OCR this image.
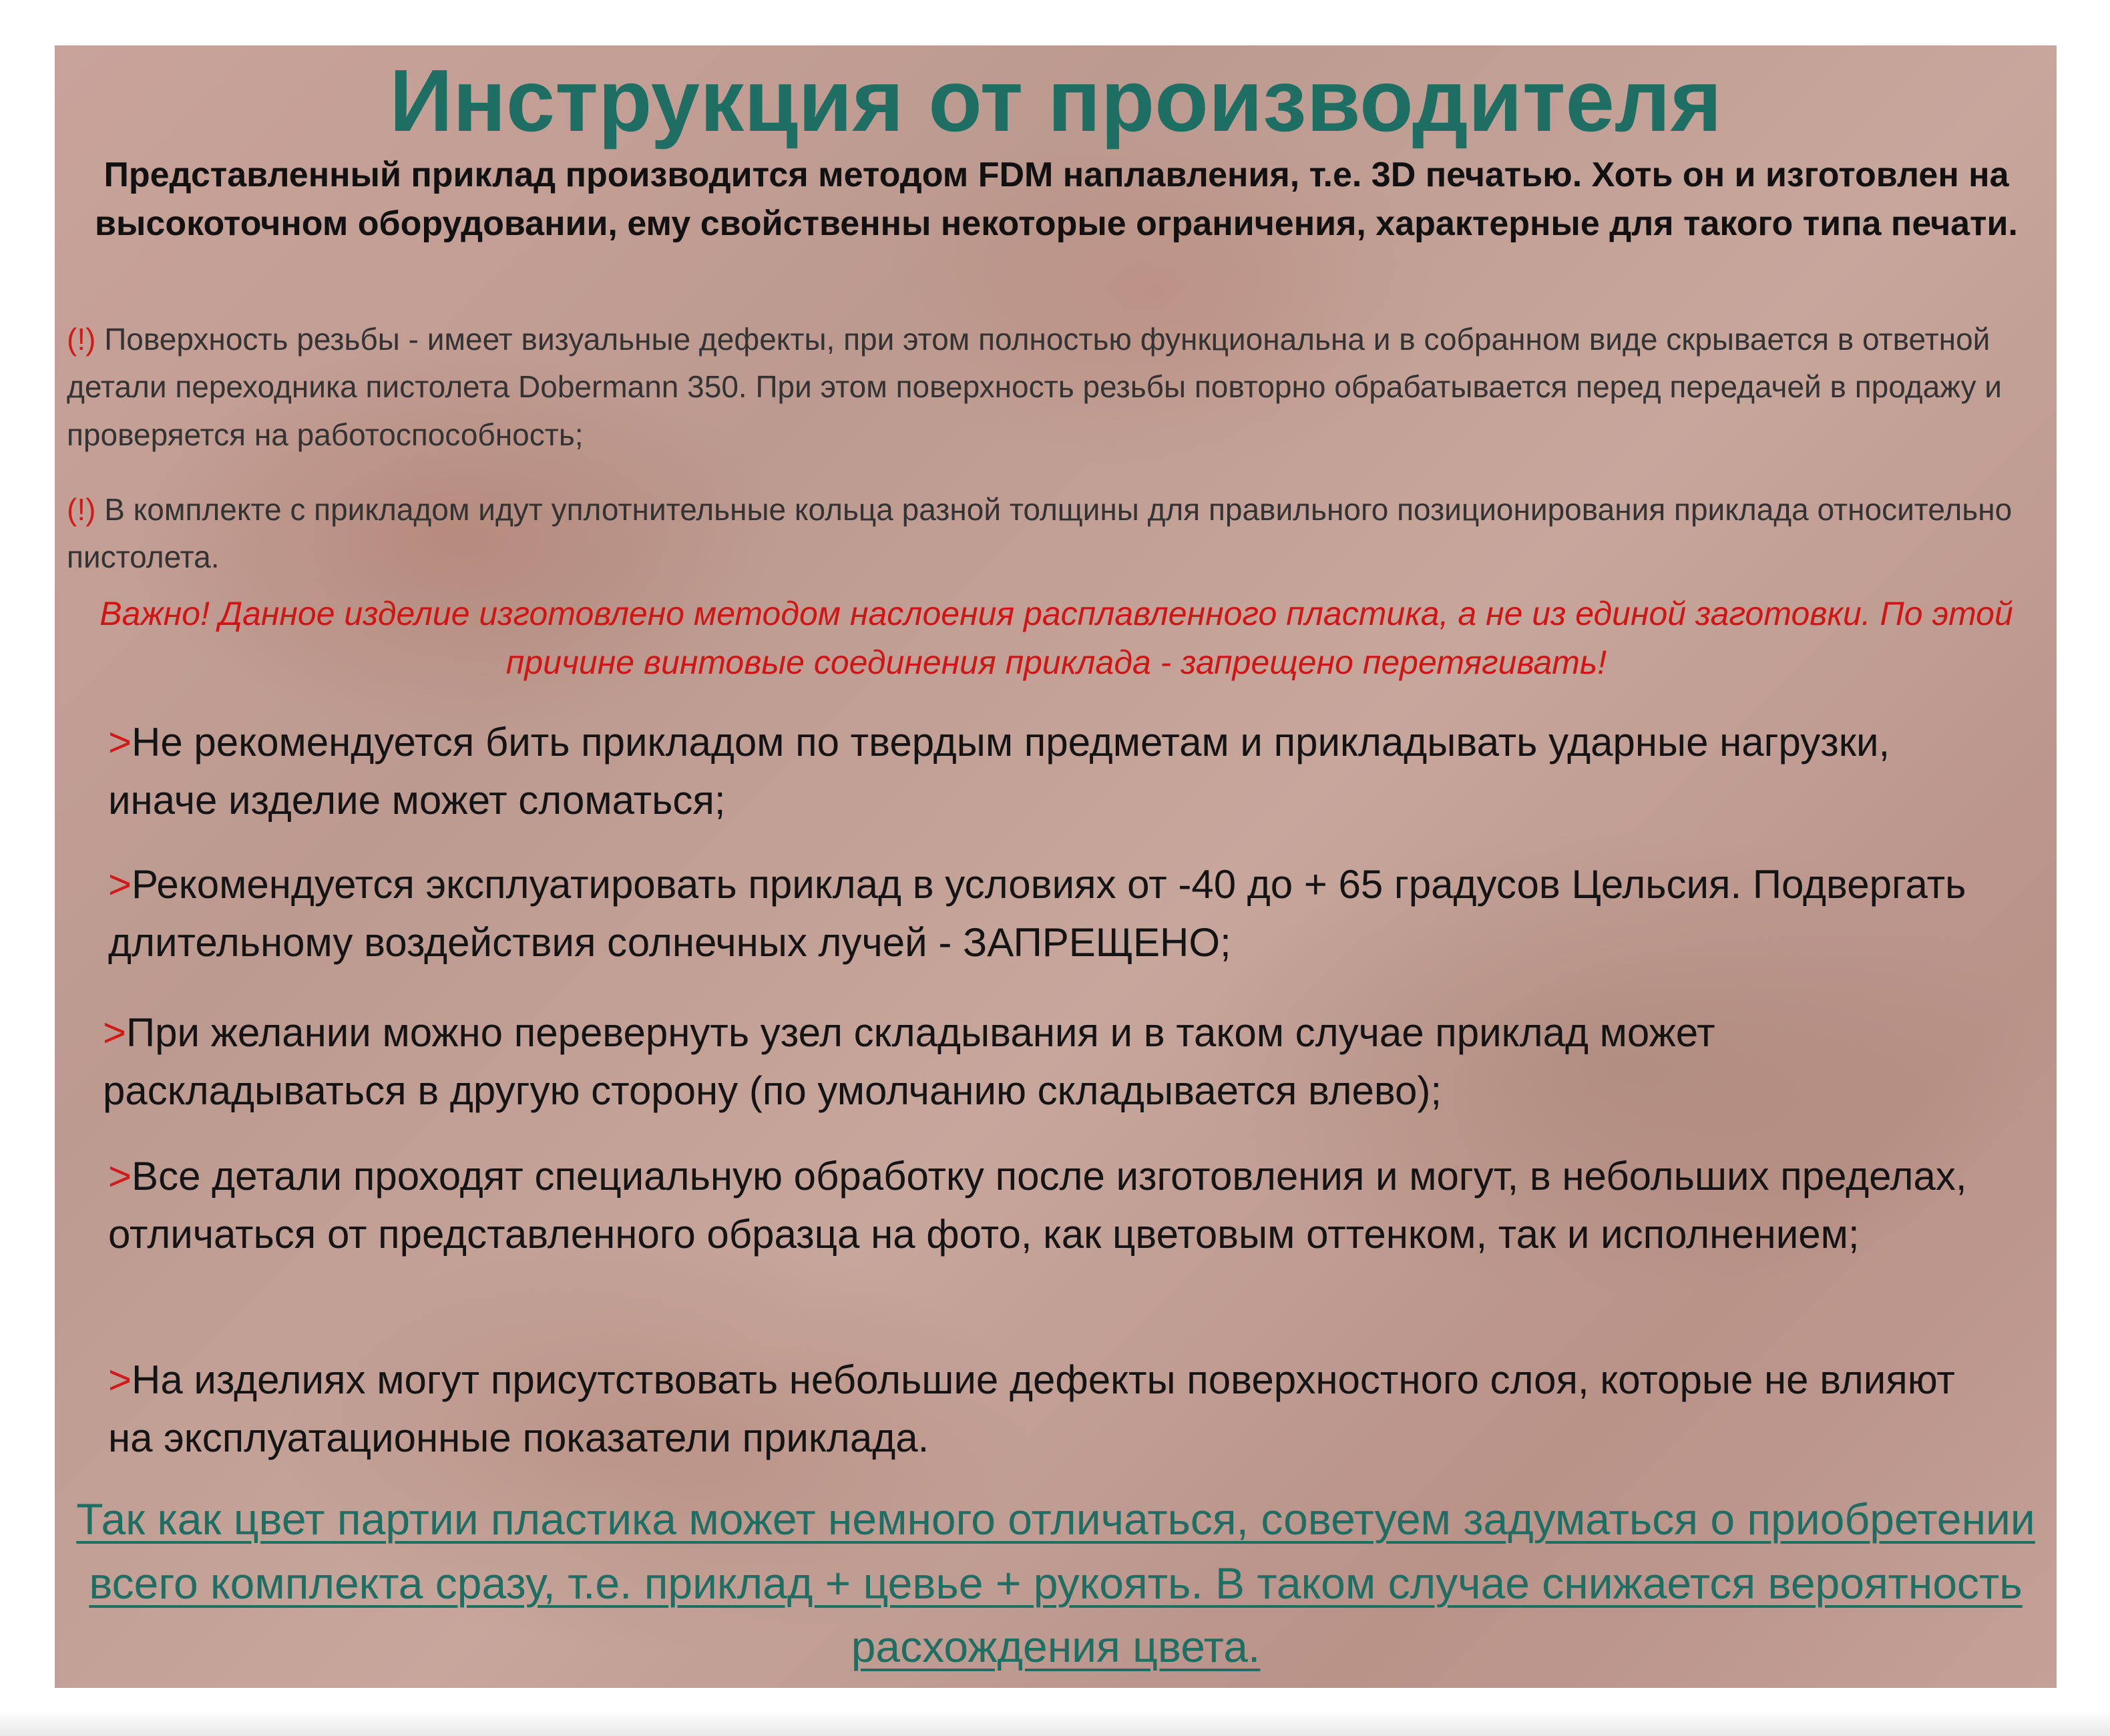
Инструкция от производителя

Представленный приклад производится методом FDM наплавления, т.е. 3D печатью. Хоть он и изготовлен на высокоточном оборудовании, ему свойственны некоторые ограничения, характерные для такого типа печати.

(!) Поверхность резьбы - имеет визуальные дефекты, при этом полностью функциональна и в собранном виде скрывается в ответной детали переходника пистолета Dobermann 350. При этом поверхность резьбы повторно обрабатывается перед передачей в продажу и проверяется на работоспособность;

(!) В комплекте с прикладом идут уплотнительные кольца разной толщины для правильного позиционирования приклада относительно пистолета.

Важно! Данное изделие изготовлено методом наслоения расплавленного пластика, а не из единой заготовки. По этой причине винтовые соединения приклада - запрещено перетягивать!

>Не рекомендуется бить прикладом по твердым предметам и прикладывать ударные нагрузки, иначе изделие может сломаться;

>Рекомендуется эксплуатировать приклад в условиях от -40 до + 65 градусов Цельсия. Подвергать длительному воздействия солнечных лучей - ЗАПРЕЩЕНО;

>При желании можно перевернуть узел складывания и в таком случае приклад может раскладываться в другую сторону (по умолчанию складывается влево);

>Все детали проходят специальную обработку после изготовления и могут, в небольших пределах, отличаться от представленного образца на фото, как цветовым оттенком, так и исполнением;

>На изделиях могут присутствовать небольшие дефекты поверхностного слоя, которые не влияют на эксплуатационные показатели приклада.

Так как цвет партии пластика может немного отличаться, советуем задуматься о приобретении всего комплекта сразу, т.е. приклад + цевье + рукоять. В таком случае снижается вероятность расхождения цвета.
